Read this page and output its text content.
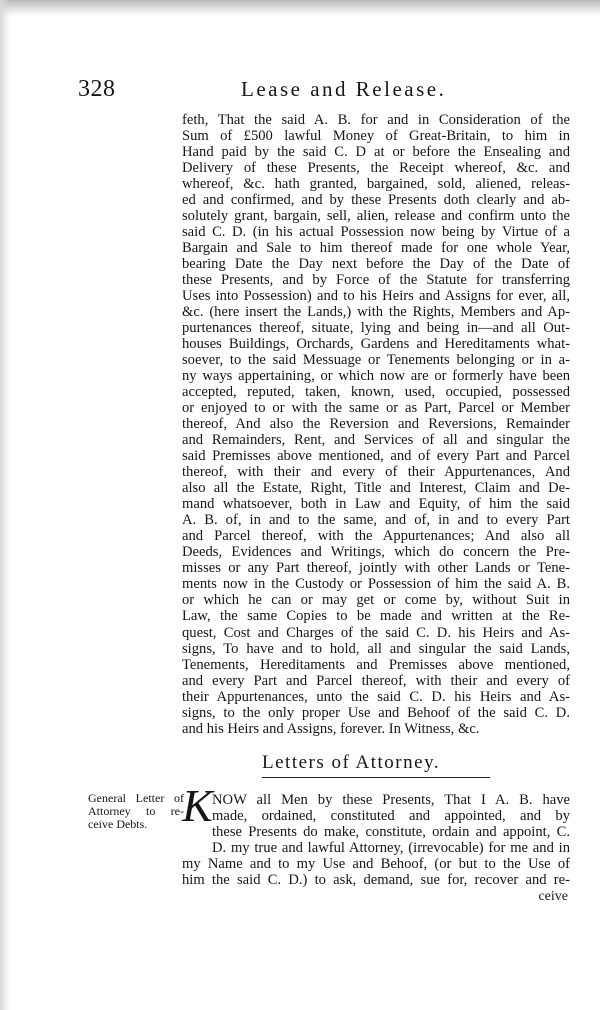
328	Lease and Release.
feth, That the said A. B. for and in Consideration of the
Sum of £500 lawful Money of Great-Britain, to him in
Hand paid by the said C. D at or before the Ensealing and
Delivery of these Presents, the Receipt whereof, &c. and
whereof, &c. hath granted, bargained, sold, aliened, releas-
ed and confirmed, and by these Presents doth clearly and ab-
solutely grant, bargain, sell, alien, release and confirm unto the
said C. D. (in his actual Possession now being by Virtue of a
Bargain and Sale to him thereof made for one whole Year,
bearing Date the Day next before the Day of the Date of
these Presents, and by Force of the Statute for transferring
Uses into Possession) and to his Heirs and Assigns for ever, all,
&c. (here insert the Lands,) with the Rights, Members and Ap-
purtenances thereof, situate, lying and being in—and all Out-
houses Buildings, Orchards, Gardens and Hereditaments what-
soever, to the said Messuage or Tenements belonging or in a-
ny ways appertaining, or which now are or formerly have been
accepted, reputed, taken, known, used, occupied, possessed
or enjoyed to or with the same or as Part, Parcel or Member
thereof, And also the Reversion and Reversions, Remainder
and Remainders, Rent, and Services of all and singular the
said Premisses above mentioned, and of every Part and Parcel
thereof, with their and every of their Appurtenances, And
also all the Estate, Right, Title and Interest, Claim and De-
mand whatsoever, both in Law and Equity, of him the said
A. B. of, in and to the same, and of, in and to every Part
and Parcel thereof, with the Appurtenances; And also all
Deeds, Evidences and Writings, which do concern the Pre-
misses or any Part thereof, jointly with other Lands or Tene-
ments now in the Custody or Possession of him the said A. B.
or which he can or may get or come by, without Suit in
Law, the same Copies to be made and written at the Re-
quest, Cost and Charges of the said C. D. his Heirs and As-
signs, To have and to hold, all and singular the said Lands,
Tenements, Hereditaments and Premisses above mentioned,
and every Part and Parcel thereof, with their and every of
their Appurtenances, unto the said C. D. his Heirs and As-
signs, to the only proper Use and Behoof of the said C. D.
and his Heirs and Assigns, forever. In Witness, &c.
Letters of Attorney.
General Letter of
Attorney to re-
ceive Debts. K NOW all Men by these Presents, That I A. B. have
made, ordained, constituted and appointed, and by
these Presents do make, constitute, ordain and appoint, C.
D. my true and lawful Attorney, (irrevocable) for me and in
my Name and to my Use and Behoof, (or but to the Use of
him the said C. D.) to ask, demand, sue for, recover and re-
ceive
